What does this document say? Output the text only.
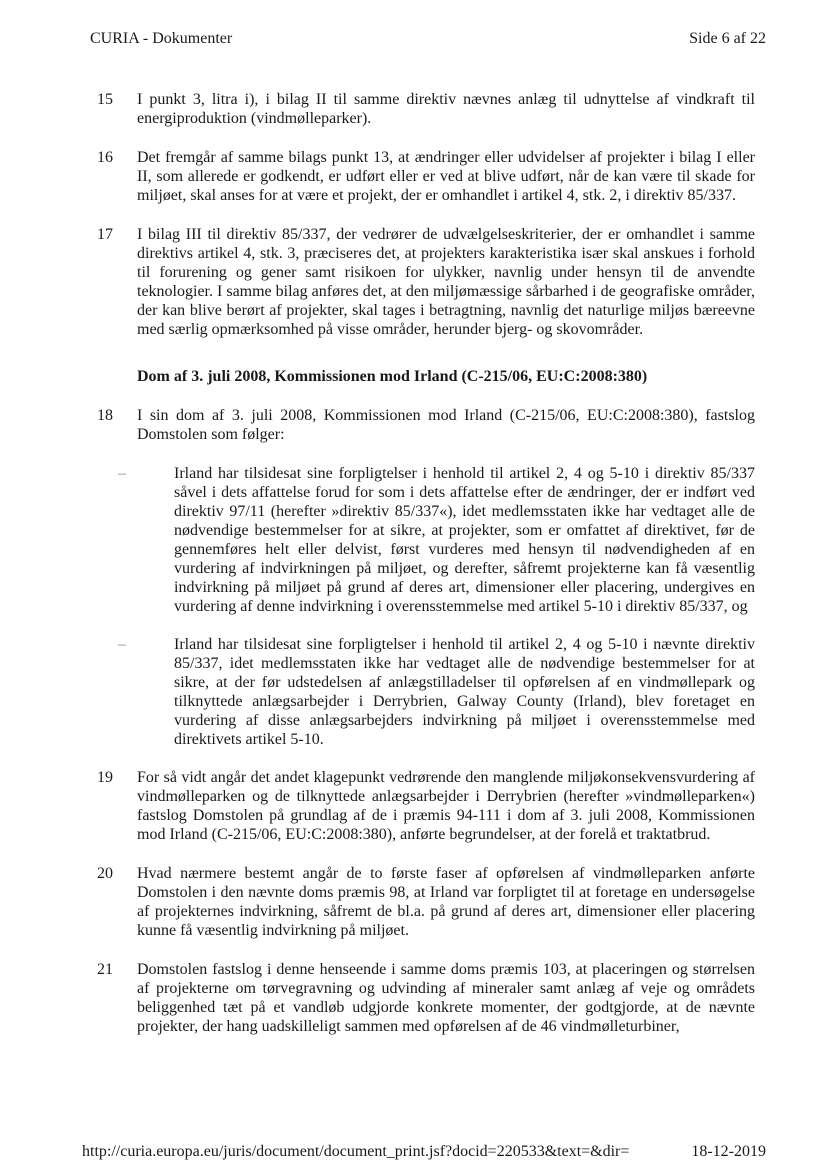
CURIA - Dokumenter	Side 6 af 22
15 I punkt 3, litra i), i bilag II til samme direktiv nævnes anlæg til udnyttelse af vindkraft til energiproduktion (vindmølleparker).
16 Det fremgår af samme bilags punkt 13, at ændringer eller udvidelser af projekter i bilag I eller II, som allerede er godkendt, er udført eller er ved at blive udført, når de kan være til skade for miljøet, skal anses for at være et projekt, der er omhandlet i artikel 4, stk. 2, i direktiv 85/337.
17 I bilag III til direktiv 85/337, der vedrører de udvælgelseskriterier, der er omhandlet i samme direktivs artikel 4, stk. 3, præciseres det, at projekters karakteristika især skal anskues i forhold til forurening og gener samt risikoen for ulykker, navnlig under hensyn til de anvendte teknologier. I samme bilag anføres det, at den miljømæssige sårbarhed i de geografiske områder, der kan blive berørt af projekter, skal tages i betragtning, navnlig det naturlige miljøs bæreevne med særlig opmærksomhed på visse områder, herunder bjerg- og skovområder.
Dom af 3. juli 2008, Kommissionen mod Irland (C-215/06, EU:C:2008:380)
18 I sin dom af 3. juli 2008, Kommissionen mod Irland (C-215/06, EU:C:2008:380), fastslog Domstolen som følger:
–	Irland har tilsidesat sine forpligtelser i henhold til artikel 2, 4 og 5-10 i direktiv 85/337 såvel i dets affattelse forud for som i dets affattelse efter de ændringer, der er indført ved direktiv 97/11 (herefter »direktiv 85/337«), idet medlemsstaten ikke har vedtaget alle de nødvendige bestemmelser for at sikre, at projekter, som er omfattet af direktivet, før de gennemføres helt eller delvist, først vurderes med hensyn til nødvendigheden af en vurdering af indvirkningen på miljøet, og derefter, såfremt projekterne kan få væsentlig indvirkning på miljøet på grund af deres art, dimensioner eller placering, undergives en vurdering af denne indvirkning i overensstemmelse med artikel 5-10 i direktiv 85/337, og
–	Irland har tilsidesat sine forpligtelser i henhold til artikel 2, 4 og 5-10 i nævnte direktiv 85/337, idet medlemsstaten ikke har vedtaget alle de nødvendige bestemmelser for at sikre, at der før udstedelsen af anlægstilladelser til opførelsen af en vindmøllepark og tilknyttede anlægsarbejder i Derrybrien, Galway County (Irland), blev foretaget en vurdering af disse anlægsarbejders indvirkning på miljøet i overensstemmelse med direktivets artikel 5-10.
19 For så vidt angår det andet klagepunkt vedrørende den manglende miljøkonsekvensvurdering af vindmølleparken og de tilknyttede anlægsarbejder i Derrybrien (herefter »vindmølleparken«) fastslog Domstolen på grundlag af de i præmis 94-111 i dom af 3. juli 2008, Kommissionen mod Irland (C-215/06, EU:C:2008:380), anførte begrundelser, at der forelå et traktatbrud.
20 Hvad nærmere bestemt angår de to første faser af opførelsen af vindmølleparken anførte Domstolen i den nævnte doms præmis 98, at Irland var forpligtet til at foretage en undersøgelse af projekternes indvirkning, såfremt de bl.a. på grund af deres art, dimensioner eller placering kunne få væsentlig indvirkning på miljøet.
21 Domstolen fastslog i denne henseende i samme doms præmis 103, at placeringen og størrelsen af projekterne om tørvegravning og udvinding af mineraler samt anlæg af veje og områdets beliggenhed tæt på et vandløb udgjorde konkrete momenter, der godtgjorde, at de nævnte projekter, der hang uadskilleligt sammen med opførelsen af de 46 vindmølleturbiner,
http://curia.europa.eu/juris/document/document_print.jsf?docid=220533&text=&dir=	18-12-2019
